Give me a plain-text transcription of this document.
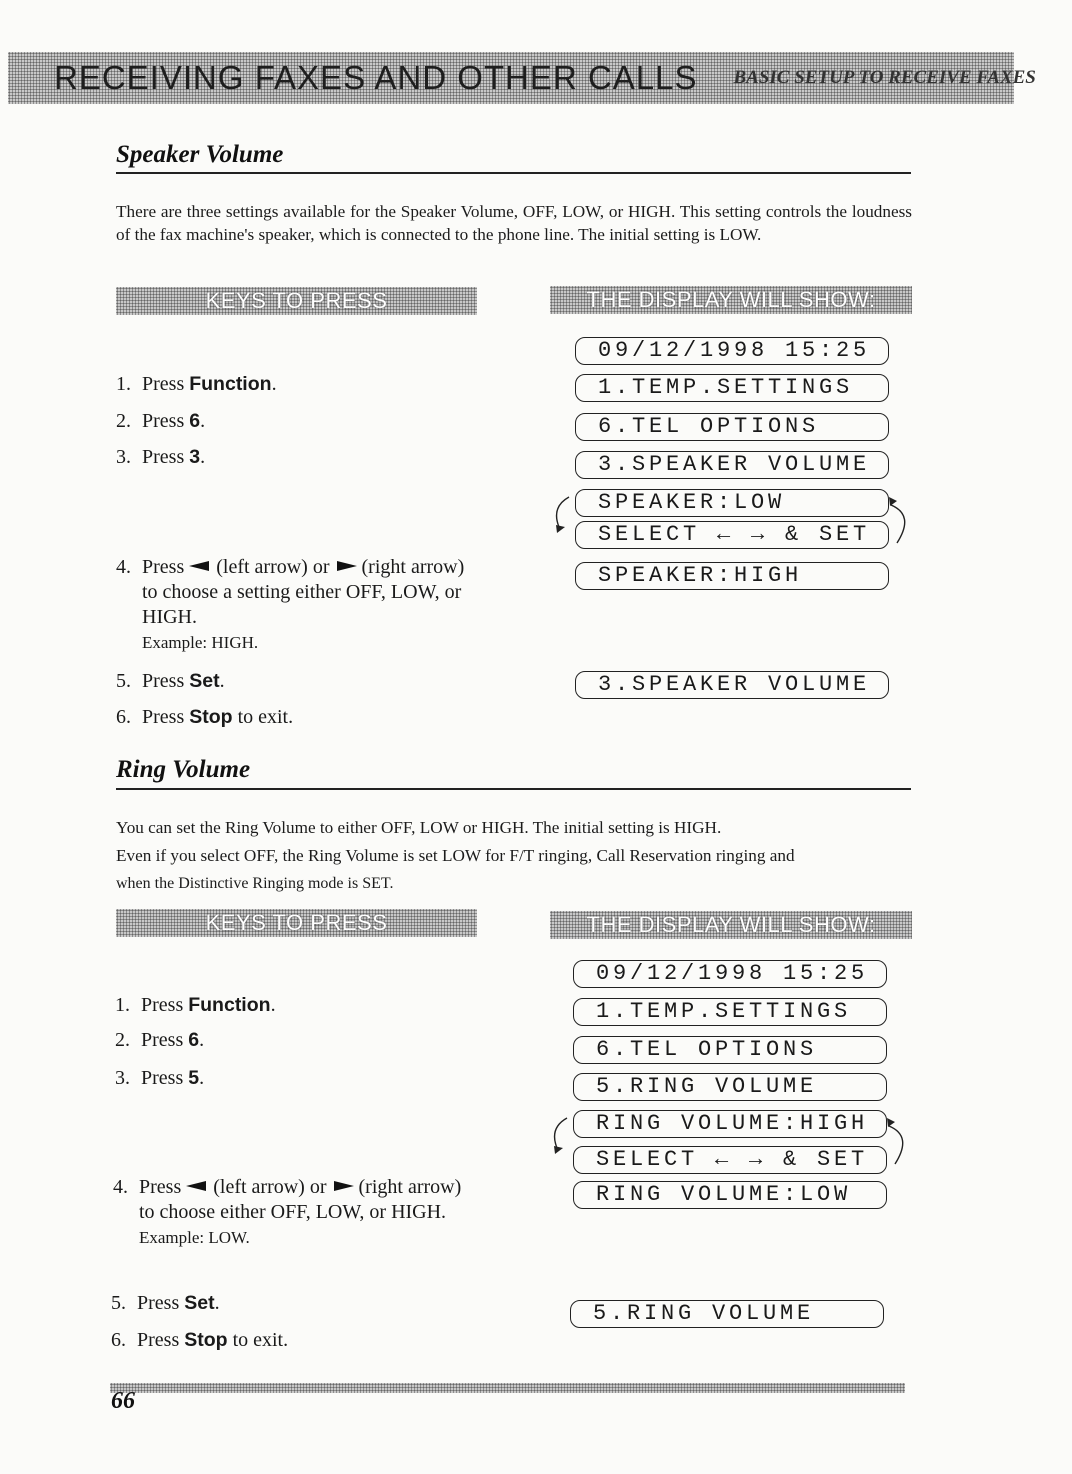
RECEIVING FAXES AND OTHER CALLS BASIC SETUP TO RECEIVE FAXES
Speaker Volume

There are three settings available for the Speaker Volume, OFF, LOW, or HIGH. This setting controls the loudness of the fax machine's speaker, which is connected to the phone line. The initial setting is LOW.

KEYS TO PRESS	THE DISPLAY WILL SHOW:
1. Press Function.
2. Press 6.
3. Press 3.
4. Press  (left arrow) or  (right arrow) to choose a setting either OFF, LOW, or HIGH.
Example: HIGH.
5. Press Set.
6. Press Stop to exit.
09/12/1998 15:25
1.TEMP.SETTINGS
6.TEL OPTIONS
3.SPEAKER VOLUME
SPEAKER:LOW
SELECT ← → & SET
SPEAKER:HIGH
3.SPEAKER VOLUME
Ring Volume
You can set the Ring Volume to either OFF, LOW or HIGH. The initial setting is HIGH.
Even if you select OFF, the Ring Volume is set LOW for F/T ringing, Call Reservation ringing and
when the Distinctive Ringing mode is SET.
KEYS TO PRESS	THE DISPLAY WILL SHOW:
1. Press Function.
2. Press 6.
3. Press 5.
4. Press  (left arrow) or  (right arrow) to choose either OFF, LOW, or HIGH.
Example: LOW.
5. Press Set.
6. Press Stop to exit.
09/12/1998 15:25
1.TEMP.SETTINGS
6.TEL OPTIONS
5.RING VOLUME
RING VOLUME:HIGH
SELECT ← → & SET
RING VOLUME:LOW
5.RING VOLUME
66
